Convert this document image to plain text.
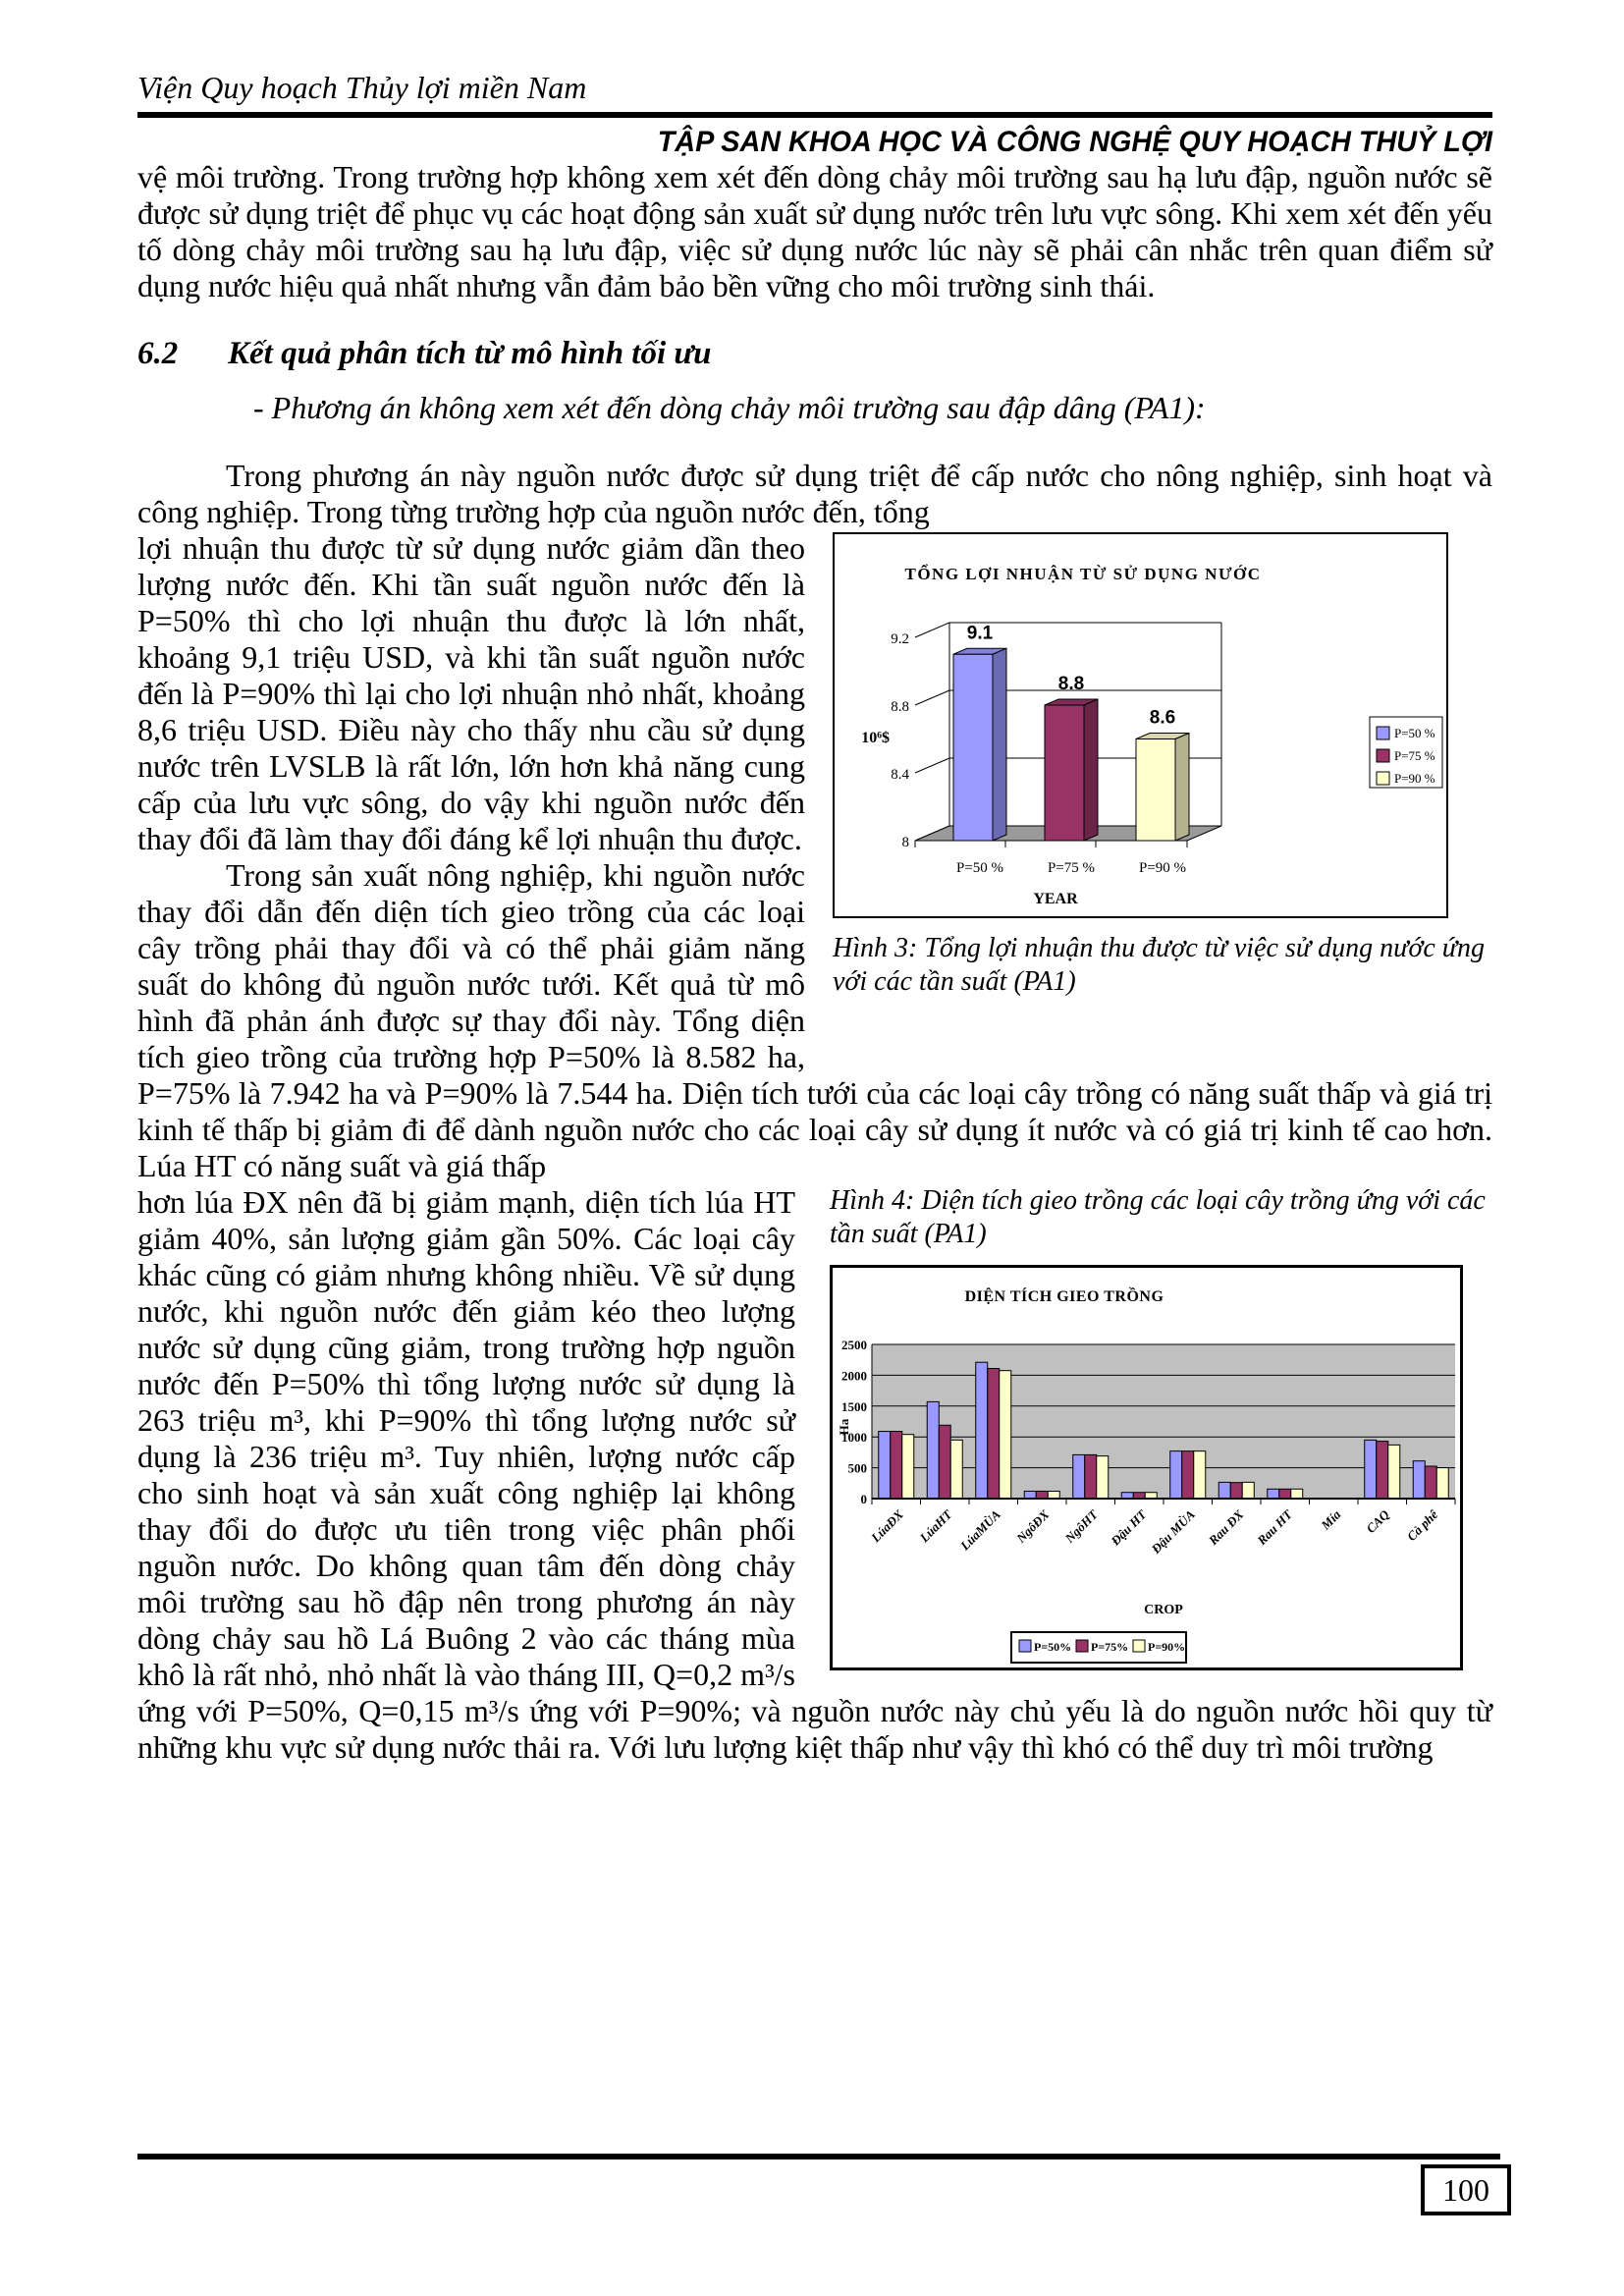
Viện Quy hoạch Thủy lợi miền Nam
TẬP SAN KHOA HỌC VÀ CÔNG NGHỆ QUY HOẠCH THUỶ LỢI

vệ môi trường. Trong trường hợp không xem xét đến dòng chảy môi trường sau hạ lưu đập, nguồn nước sẽ được sử dụng triệt để phục vụ các hoạt động sản xuất sử dụng nước trên lưu vực sông. Khi xem xét đến yếu tố dòng chảy môi trường sau hạ lưu đập, việc sử dụng nước lúc này sẽ phải cân nhắc trên quan điểm sử dụng nước hiệu quả nhất nhưng vẫn đảm bảo bền vững cho môi trường sinh thái.

6.2	Kết quả phân tích từ mô hình tối ưu

- Phương án không xem xét đến dòng chảy môi trường sau đập dâng (PA1):

Trong phương án này nguồn nước được sử dụng triệt để cấp nước cho nông nghiệp, sinh hoạt và công nghiệp. Trong từng trường hợp của nguồn nước đến, tổng

TỔNG LỢI NHUẬN TỪ SỬ DỤNG NƯỚC
8
8.4
8.8
9.2	9.1
P=50 %
8.8
P=75 %
8.6
P=90 %
YEAR
10⁶$	P=50 %
P=75 %
P=90 %
Hình 3: Tổng lợi nhuận thu được từ việc sử dụng nước ứng với các tần suất (PA1)

lợi nhuận thu được từ sử dụng nước giảm dần theo lượng nước đến. Khi tần suất nguồn nước đến là P=50% thì cho lợi nhuận thu được là lớn nhất, khoảng 9,1 triệu USD, và khi tần suất nguồn nước đến là P=90% thì lại cho lợi nhuận nhỏ nhất, khoảng 8,6 triệu USD. Điều này cho thấy nhu cầu sử dụng nước trên LVSLB là rất lớn, lớn hơn khả năng cung cấp của lưu vực sông, do vậy khi nguồn nước đến thay đổi đã làm thay đổi đáng kể lợi nhuận thu được.

Trong sản xuất nông nghiệp, khi nguồn nước thay đổi dẫn đến diện tích gieo trồng của các loại cây trồng phải thay đổi và có thể phải giảm năng suất do không đủ nguồn nước tưới. Kết quả từ mô hình đã phản ánh được sự thay đổi này. Tổng diện tích gieo trồng của trường hợp P=50% là 8.582 ha, P=75% là 7.942 ha và P=90% là 7.544 ha. Diện tích tưới của các loại cây trồng có năng suất thấp và giá trị kinh tế thấp bị giảm đi để dành nguồn nước cho các loại cây sử dụng ít nước và có giá trị kinh tế cao hơn. Lúa HT có năng suất và giá thấp

Hình 4: Diện tích gieo trồng các loại cây trồng ứng với các tần suất (PA1)
DIỆN TÍCH GIEO TRỒNG
0
500
1000
1500
2000
2500
LúaĐX LúaHT LúaMÙA NgôĐX NgôHT Đậu HT Đậu MÙA Rau ĐX Rau HT Mía CAQ Cà phê
Ha
CROP
P=50% P=75% P=90%

hơn lúa ĐX nên đã bị giảm mạnh, diện tích lúa HT giảm 40%, sản lượng giảm gần 50%. Các loại cây khác cũng có giảm nhưng không nhiều. Về sử dụng nước, khi nguồn nước đến giảm kéo theo lượng nước sử dụng cũng giảm, trong trường hợp nguồn nước đến P=50% thì tổng lượng nước sử dụng là 263 triệu m³, khi P=90% thì tổng lượng nước sử dụng là 236 triệu m³. Tuy nhiên, lượng nước cấp cho sinh hoạt và sản xuất công nghiệp lại không thay đổi do được ưu tiên trong việc phân phối nguồn nước. Do không quan tâm đến dòng chảy môi trường sau hồ đập nên trong phương án này dòng chảy sau hồ Lá Buông 2 vào các tháng mùa khô là rất nhỏ, nhỏ nhất là vào tháng III, Q=0,2 m³/s ứng với P=50%, Q=0,15 m³/s ứng với P=90%; và nguồn nước này chủ yếu là do nguồn nước hồi quy từ những khu vực sử dụng nước thải ra. Với lưu lượng kiệt thấp như vậy thì khó có thể duy trì môi trường

100
